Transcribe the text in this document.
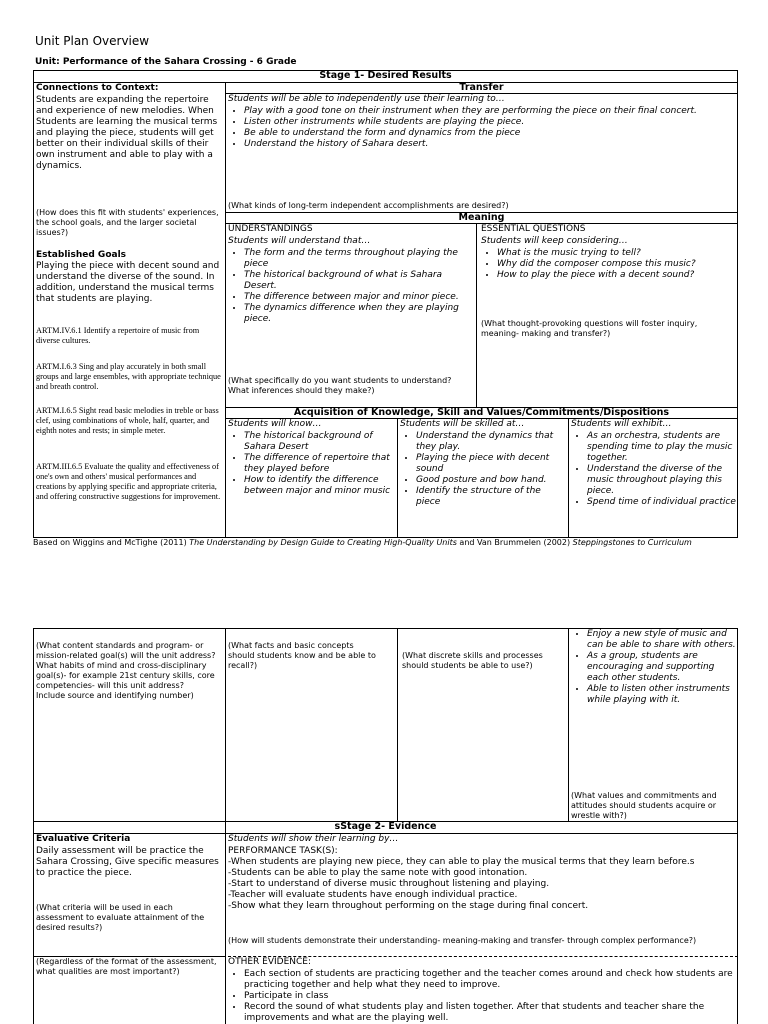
Unit Plan Overview
Unit: Performance of the Sahara Crossing - 6 Grade
Stage 1- Desired Results
Transfer
Meaning
Acquisition of Knowledge, Skill and Values/Commitments/Dispositions
Connections to Context:
Students are expanding the repertoire and experience of new melodies. When Students are learning the musical terms and playing the piece, students will get better on their individual skills of their own instrument and able to play with a dynamics.
(How does this fit with students' experiences, the school goals, and the larger societal issues?)
Established Goals
Playing the piece with decent sound and understand the diverse of the sound. In addition, understand the musical terms that students are playing.
ARTM.IV.6.1 Identify a repertoire of music from diverse cultures.
ARTM.I.6.3 Sing and play accurately in both small groups and large ensembles, with appropriate technique and breath control.
ARTM.I.6.5 Sight read basic melodies in treble or bass clef, using combinations of whole, half, quarter, and eighth notes and rests; in simple meter.
ARTM.III.6.5 Evaluate the quality and effectiveness of one's own and others' musical performances and creations by applying specific and appropriate criteria, and offering constructive suggestions for improvement.
Students will be able to independently use their learning to…
• Play with a good tone on their instrument when they are performing the piece on their final concert.
• Listen other instruments while students are playing the piece.
• Be able to understand the form and dynamics from the piece
• Understand the history of Sahara desert.
(What kinds of long-term independent accomplishments are desired?)
UNDERSTANDINGS
Students will understand that…
• The form and the terms throughout playing the piece
• The historical background of what is Sahara Desert.
• The difference between major and minor piece.
• The dynamics difference when they are playing piece.

(What specifically do you want students to understand?

What inferences should they make?)

ESSENTIAL QUESTIONS
Students will keep considering…
• What is the music trying to tell?
• Why did the composer compose this music?
• How to play the piece with a decent sound?
(What thought-provoking questions will foster inquiry, meaning- making and transfer?)
Students will know…
• The historical background of Sahara Desert
• The difference of repertoire that they played before
• How to identify the difference between major and minor music
Students will be skilled at…
• Understand the dynamics that they play.
• Playing the piece with decent sound
• Good posture and bow hand.
• Identify the structure of the piece
Students will exhibit…
• As an orchestra, students are spending time to play the music together.
• Understand the diverse of the music throughout playing this piece.
• Spend time of individual practice
Based on Wiggins and McTighe (2011) The Understanding by Design Guide to Creating High-Quality Units and Van Brummelen (2002) Steppingstones to Curriculum

(What content standards and program- or mission-related goal(s) will the unit address?

What habits of mind and cross-disciplinary goal(s)- for example 21st century skills, core competencies- will this unit address?

Include source and identifying number)

(What facts and basic concepts should students know and be able to recall?)
(What discrete skills and processes should students be able to use?)
• Enjoy a new style of music and can be able to share with others.
• As a group, students are encouraging and supporting each other students.
• Able to listen other instruments while playing with it.
(What values and commitments and attitudes should students acquire or wrestle with?)
sStage 2- Evidence
Evaluative Criteria
Daily assessment will be practice the Sahara Crossing, Give specific measures to practice the piece.
(What criteria will be used in each assessment to evaluate attainment of the desired results?)
Students will show their learning by…
PERFORMANCE TASK(S):

-When students are playing new piece, they can able to play the musical terms that they learn before.s

-Students can be able to play the same note with good intonation.

-Start to understand of diverse music throughout listening and playing.

-Teacher will evaluate students have enough individual practice.

-Show what they learn throughout performing on the stage during final concert.

(How will students demonstrate their understanding- meaning-making and transfer- through complex performance?)
(Regardless of the format of the assessment, what qualities are most important?)
OTHER EVIDENCE:
• Each section of students are practicing together and the teacher comes around and check how students are practicing together and help what they need to improve.
• Participate in class
• Record the sound of what students play and listen together. After that students and teacher share the improvements and what are the playing well.
